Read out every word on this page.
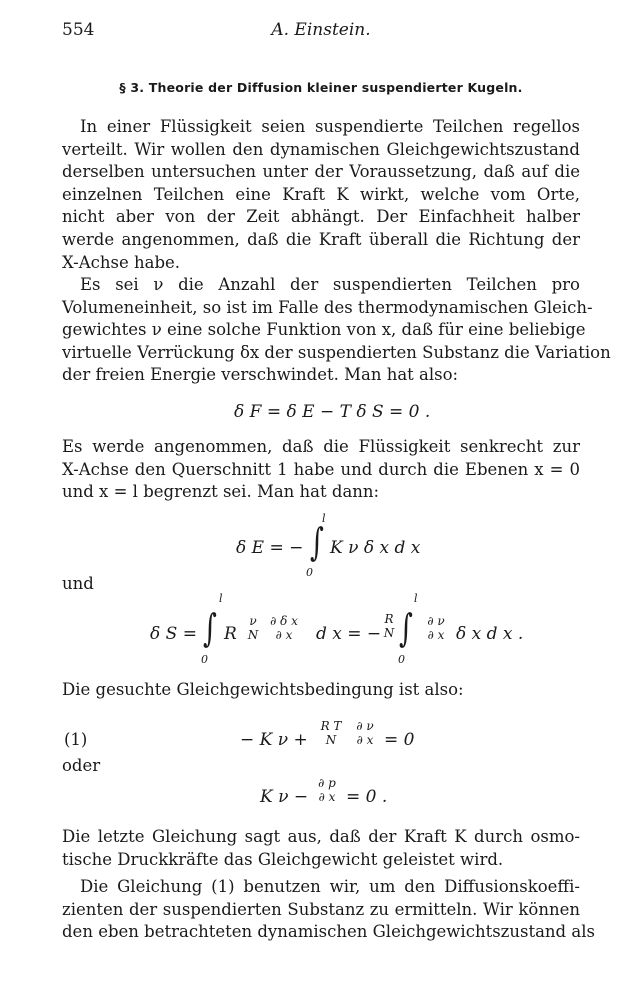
554	A. Einstein.
§ 3. Theorie der Diffusion kleiner suspendierter Kugeln.
In einer Flüssigkeit seien suspendierte Teilchen regellos
verteilt. Wir wollen den dynamischen Gleichgewichtszustand
derselben untersuchen unter der Voraussetzung, daß auf die
einzelnen Teilchen eine Kraft K wirkt, welche vom Orte,
nicht aber von der Zeit abhängt. Der Einfachheit halber
werde angenommen, daß die Kraft überall die Richtung der
X-Achse habe.
Es sei ν die Anzahl der suspendierten Teilchen pro
Volumeneinheit, so ist im Falle des thermodynamischen Gleich-
gewichtes ν eine solche Funktion von x, daß für eine beliebige
virtuelle Verrückung δx der suspendierten Substanz die Variation
der freien Energie verschwindet. Man hat also:
δ F = δ E − T δ S = 0 .
Es werde angenommen, daß die Flüssigkeit senkrecht zur
X-Achse den Querschnitt 1 habe und durch die Ebenen x = 0
und x = l begrenzt sei. Man hat dann:
δ E = −
l
∫
0
K ν δ x d x
und
δ S =
l
∫
0
R
ν
N
∂ δ x
∂ x	d x = −
R
N
l
∫
0
∂ ν
∂ x δ x d x .
Die gesuchte Gleichgewichtsbedingung ist also:
(1)	− K ν +
R T
N
∂ ν
∂ x = 0
oder
K ν −
∂ p
∂ x = 0 .
Die letzte Gleichung sagt aus, daß der Kraft K durch osmo-
tische Druckkräfte das Gleichgewicht geleistet wird.
Die Gleichung (1) benutzen wir, um den Diffusionskoeffi-
zienten der suspendierten Substanz zu ermitteln. Wir können
den eben betrachteten dynamischen Gleichgewichtszustand als
